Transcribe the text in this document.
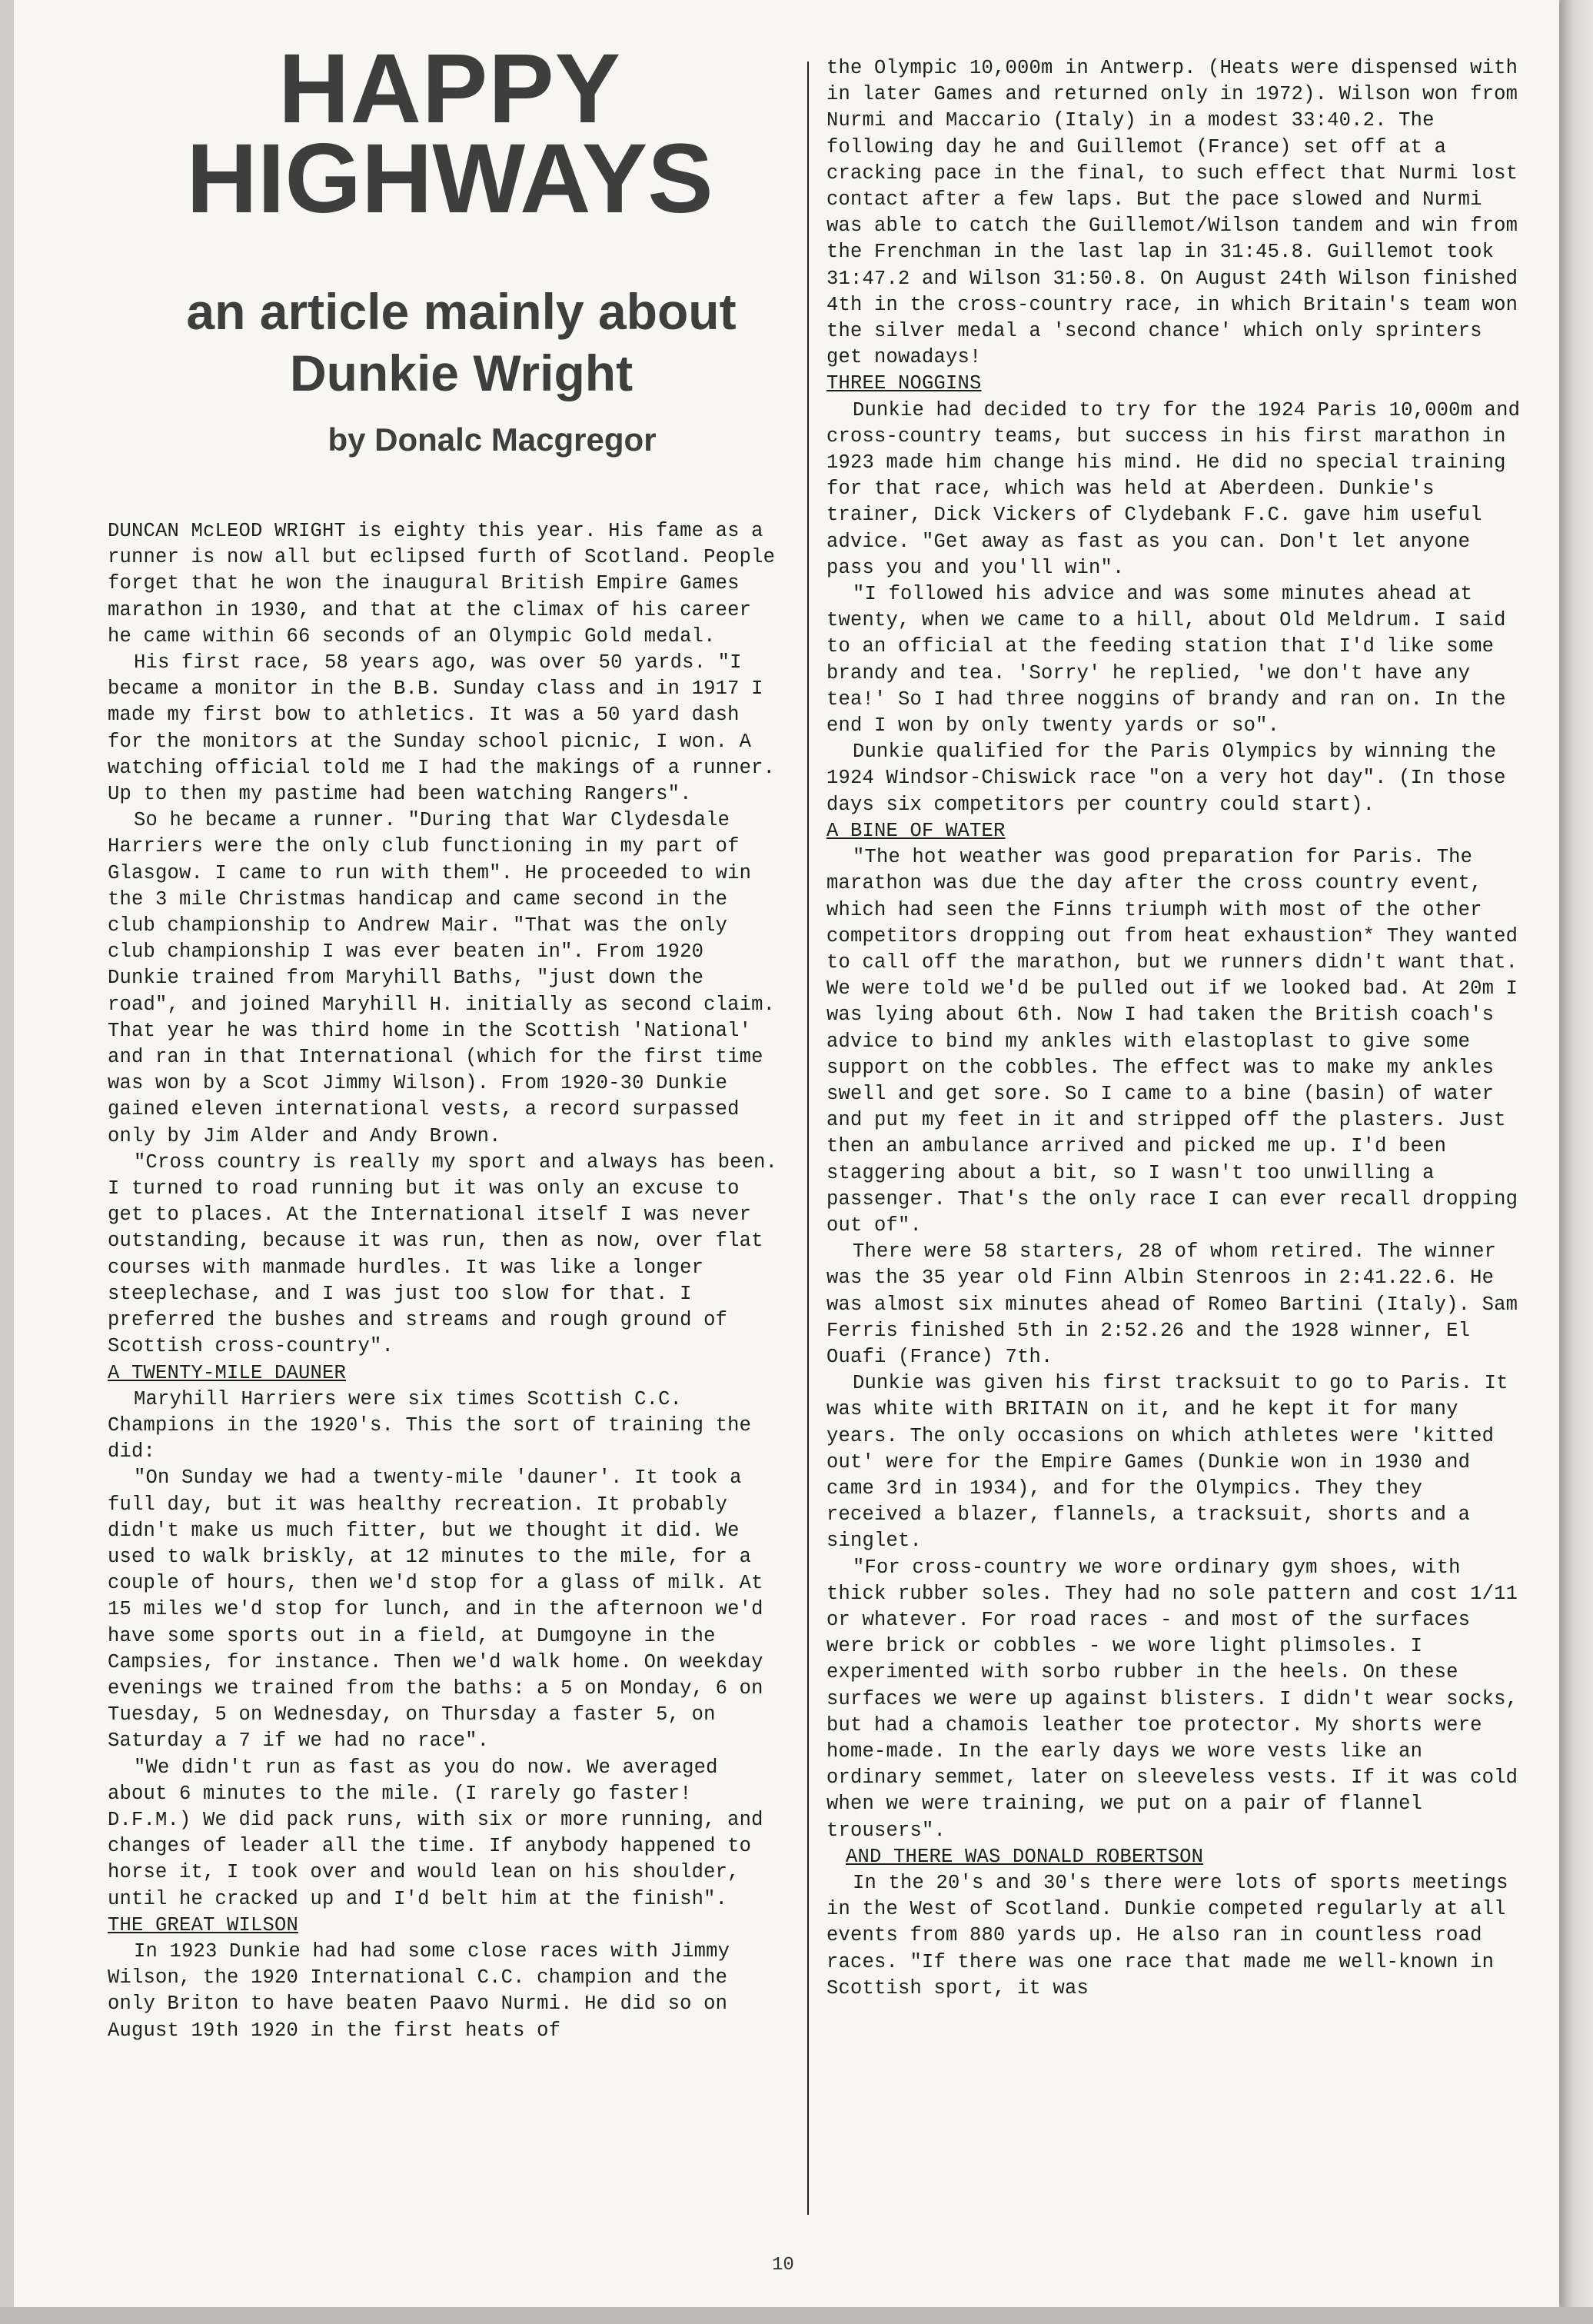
HAPPY
HIGHWAYS
an article mainly about Dunkie Wright
by Donalc Macgregor

DUNCAN McLEOD WRIGHT is eighty this year. His fame as a runner is now all but eclipsed furth of Scotland. People forget that he won the inaugural British Empire Games marathon in 1930, and that at the climax of his career he came within 66 seconds of an Olympic Gold medal.

His first race, 58 years ago, was over 50 yards. "I became a monitor in the B.B. Sunday class and in 1917 I made my first bow to athletics. It was a 50 yard dash for the monitors at the Sunday school picnic, I won. A watching official told me I had the makings of a runner. Up to then my pastime had been watching Rangers".

So he became a runner. "During that War Clydesdale Harriers were the only club functioning in my part of Glasgow. I came to run with them". He proceeded to win the 3 mile Christmas handicap and came second in the club championship to Andrew Mair. "That was the only club championship I was ever beaten in". From 1920 Dunkie trained from Maryhill Baths, "just down the road", and joined Maryhill H. initially as second claim. That year he was third home in the Scottish 'National' and ran in that International (which for the first time was won by a Scot Jimmy Wilson). From 1920-30 Dunkie gained eleven international vests, a record surpassed only by Jim Alder and Andy Brown.

"Cross country is really my sport and always has been. I turned to road running but it was only an excuse to get to places. At the International itself I was never outstanding, because it was run, then as now, over flat courses with manmade hurdles. It was like a longer steeplechase, and I was just too slow for that. I preferred the bushes and streams and rough ground of Scottish cross-country".

A TWENTY-MILE DAUNER

Maryhill Harriers were six times Scottish C.C. Champions in the 1920's. This the sort of training the did:

"On Sunday we had a twenty-mile 'dauner'. It took a full day, but it was healthy recreation. It probably didn't make us much fitter, but we thought it did. We used to walk briskly, at 12 minutes to the mile, for a couple of hours, then we'd stop for a glass of milk. At 15 miles we'd stop for lunch, and in the afternoon we'd have some sports out in a field, at Dumgoyne in the Campsies, for instance. Then we'd walk home. On weekday evenings we trained from the baths: a 5 on Monday, 6 on Tuesday, 5 on Wednesday, on Thursday a faster 5, on Saturday a 7 if we had no race".

"We didn't run as fast as you do now. We averaged about 6 minutes to the mile. (I rarely go faster! D.F.M.) We did pack runs, with six or more running, and changes of leader all the time. If anybody happened to horse it, I took over and would lean on his shoulder, until he cracked up and I'd belt him at the finish".

THE GREAT WILSON

In 1923 Dunkie had had some close races with Jimmy Wilson, the 1920 International C.C. champion and the only Briton to have beaten Paavo Nurmi. He did so on August 19th 1920 in the first heats of

the Olympic 10,000m in Antwerp. (Heats were dispensed with in later Games and returned only in 1972). Wilson won from Nurmi and Maccario (Italy) in a modest 33:40.2. The following day he and Guillemot (France) set off at a cracking pace in the final, to such effect that Nurmi lost contact after a few laps. But the pace slowed and Nurmi was able to catch the Guillemot/Wilson tandem and win from the Frenchman in the last lap in 31:45.8. Guillemot took 31:47.2 and Wilson 31:50.8. On August 24th Wilson finished 4th in the cross-country race, in which Britain's team won the silver medal a 'second chance' which only sprinters get nowadays!

THREE NOGGINS

Dunkie had decided to try for the 1924 Paris 10,000m and cross-country teams, but success in his first marathon in 1923 made him change his mind. He did no special training for that race, which was held at Aberdeen. Dunkie's trainer, Dick Vickers of Clydebank F.C. gave him useful advice. "Get away as fast as you can. Don't let anyone pass you and you'll win".

"I followed his advice and was some minutes ahead at twenty, when we came to a hill, about Old Meldrum. I said to an official at the feeding station that I'd like some brandy and tea. 'Sorry' he replied, 'we don't have any tea!' So I had three noggins of brandy and ran on. In the end I won by only twenty yards or so".

Dunkie qualified for the Paris Olympics by winning the 1924 Windsor-Chiswick race "on a very hot day". (In those days six competitors per country could start).

A BINE OF WATER

"The hot weather was good preparation for Paris. The marathon was due the day after the cross country event, which had seen the Finns triumph with most of the other competitors dropping out from heat exhaustion* They wanted to call off the marathon, but we runners didn't want that. We were told we'd be pulled out if we looked bad. At 20m I was lying about 6th. Now I had taken the British coach's advice to bind my ankles with elastoplast to give some support on the cobbles. The effect was to make my ankles swell and get sore. So I came to a bine (basin) of water and put my feet in it and stripped off the plasters. Just then an ambulance arrived and picked me up. I'd been staggering about a bit, so I wasn't too unwilling a passenger. That's the only race I can ever recall dropping out of".

There were 58 starters, 28 of whom retired. The winner was the 35 year old Finn Albin Stenroos in 2:41.22.6. He was almost six minutes ahead of Romeo Bartini (Italy). Sam Ferris finished 5th in 2:52.26 and the 1928 winner, El Ouafi (France) 7th.

Dunkie was given his first tracksuit to go to Paris. It was white with BRITAIN on it, and he kept it for many years. The only occasions on which athletes were 'kitted out' were for the Empire Games (Dunkie won in 1930 and came 3rd in 1934), and for the Olympics. They they received a blazer, flannels, a tracksuit, shorts and a singlet.

"For cross-country we wore ordinary gym shoes, with thick rubber soles. They had no sole pattern and cost 1/11 or whatever. For road races - and most of the surfaces were brick or cobbles - we wore light plimsoles. I experimented with sorbo rubber in the heels. On these surfaces we were up against blisters. I didn't wear socks, but had a chamois leather toe protector. My shorts were home-made. In the early days we wore vests like an ordinary semmet, later on sleeveless vests. If it was cold when we were training, we put on a pair of flannel trousers".

AND THERE WAS DONALD ROBERTSON

In the 20's and 30's there were lots of sports meetings in the West of Scotland. Dunkie competed regularly at all events from 880 yards up. He also ran in countless road races. "If there was one race that made me well-known in Scottish sport, it was

10
